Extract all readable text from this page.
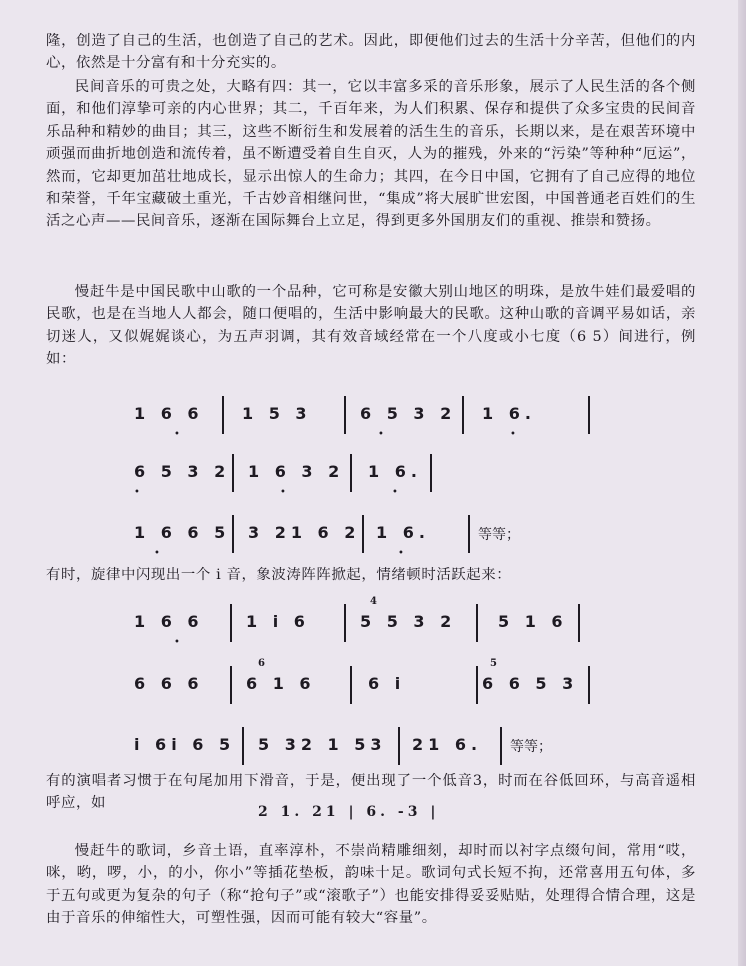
隆，创造了自己的生活，也创造了自己的艺术。因此，即便他们过去的生活十分辛苦，但他们的内心，依然是十分富有和十分充实的。

民间音乐的可贵之处，大略有四：其一，它以丰富多采的音乐形象，展示了人民生活的各个侧面，和他们淳挚可亲的内心世界；其二，千百年来，为人们积累、保存和提供了众多宝贵的民间音乐品种和精妙的曲目；其三，这些不断衍生和发展着的活生生的音乐，长期以来，是在艰苦环境中顽强而曲折地创造和流传着，虽不断遭受着自生自灭，人为的摧残，外来的“污染”等种种“厄运”，然而，它却更加茁壮地成长，显示出惊人的生命力；其四，在今日中国，它拥有了自己应得的地位和荣誉，千年宝藏破土重光，千古妙音相继问世，“集成”将大展旷世宏图，中国普通老百姓们的生活之心声——民间音乐，逐渐在国际舞台上立足，得到更多外国朋友们的重视、推崇和赞扬。

慢赶牛是中国民歌中山歌的一个品种，它可称是安徽大别山地区的明珠，是放牛娃们最爱唱的民歌，也是在当地人人都会，随口便唱的，生活中影响最大的民歌。这种山歌的音调平易如话，亲切迷人，又似娓娓谈心，为五声羽调，其有效音域经常在一个八度或小七度（6 5）间进行，例如：

1 6 6 1 5 3	6 5 3 2 1 6.
•	•	•
6 5 3 2 1 6 3 2 1 6.
•	•	•
1 6 6 5 3 21 6 2 1 6.	等等；
•	•

有时，旋律中闪现出一个 i 音，象波涛阵阵掀起，情绪顿时活跃起来：

1 6 6	1 i 6
4
5 5 3 2	5 1 6
•
6 6 6
6
6 1 6	6 i
5
6 6 5 3
i 6i 6 5 5 32 1 53 21 6. 等等；

有的演唱者习惯于在句尾加用下滑音，于是，便出现了一个低音3，时而在谷低回环，与高音遥相呼应，如

2 1. 21 | 6. -3 |

慢赶牛的歌词，乡音土语，直率淳朴，不崇尚精雕细刻，却时而以衬字点缀句间，常用“哎，咪，哟，啰，小，的小，你小”等插花垫板，韵味十足。歌词句式长短不拘，还常喜用五句体，多于五句或更为复杂的句子（称“抢句子”或“滚歌子”）也能安排得妥妥贴贴，处理得合情合理，这是由于音乐的伸缩性大，可塑性强，因而可能有较大“容量”。
